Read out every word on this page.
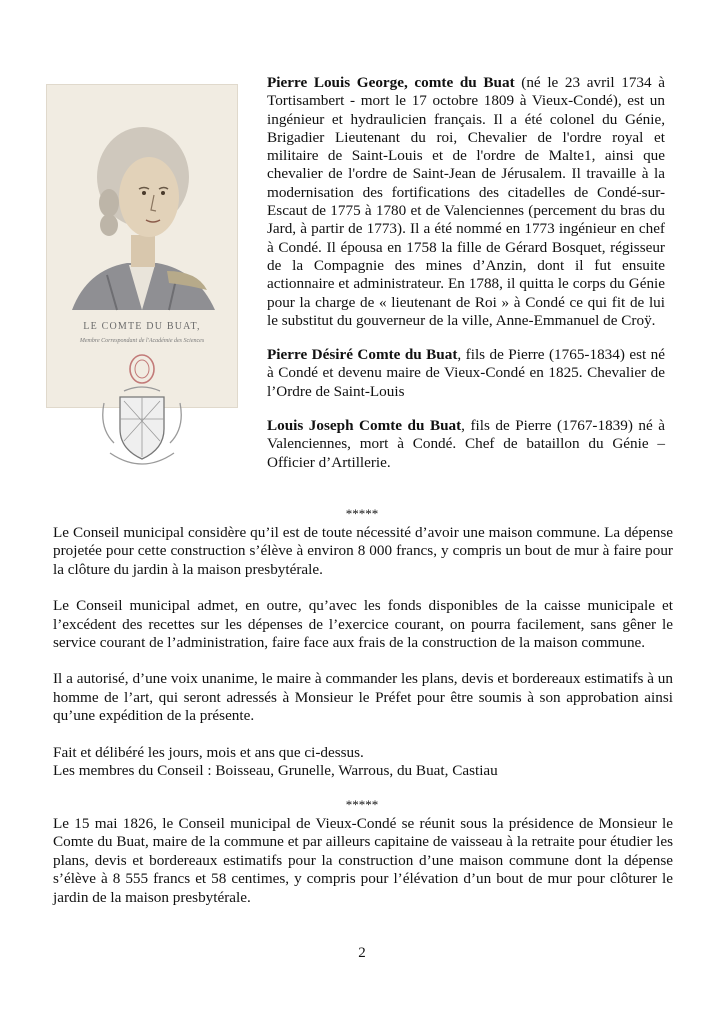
LE COMTE DU BUAT,
Membre Correspondant de l'Académie des Sciences

Pierre Louis George, comte du Buat (né le 23 avril 1734 à Tortisambert - mort le 17 octobre 1809 à Vieux-Condé), est un ingénieur et hydraulicien français. Il a été colonel du Génie, Brigadier Lieutenant du roi, Chevalier de l'ordre royal et militaire de Saint-Louis et de l'ordre de Malte1, ainsi que chevalier de l'ordre de Saint-Jean de Jérusalem. Il travaille à la modernisation des fortifications des citadelles de Condé-sur-Escaut de 1775 à 1780 et de Valenciennes (percement du bras du Jard, à partir de 1773). Il a été nommé en 1773 ingénieur en chef à Condé. Il épousa en 1758 la fille de Gérard Bosquet, régisseur de la Compagnie des mines d’Anzin, dont il fut ensuite actionnaire et administrateur. En 1788, il quitta le corps du Génie pour la charge de « lieutenant de Roi » à Condé ce qui fit de lui le substitut du gouverneur de la ville, Anne-Emmanuel de Croÿ.

Pierre Désiré Comte du Buat, fils de Pierre (1765-1834) est né à Condé et devenu maire de Vieux-Condé en 1825. Chevalier de l’Ordre de Saint-Louis

Louis Joseph Comte du Buat, fils de Pierre (1767-1839) né à Valenciennes, mort à Condé. Chef de bataillon du Génie – Officier d’Artillerie.

*****

Le Conseil municipal considère qu’il est de toute nécessité d’avoir une maison commune. La dépense projetée pour cette construction s’élève à environ 8 000 francs, y compris un bout de mur à faire pour la clôture du jardin à la maison presbytérale.

Le Conseil municipal admet, en outre, qu’avec les fonds disponibles de la caisse municipale et l’excédent des recettes sur les dépenses de l’exercice courant, on pourra facilement, sans gêner le service courant de l’administration, faire face aux frais de la construction de la maison commune.

Il a autorisé, d’une voix unanime, le maire à commander les plans, devis et bordereaux estimatifs à un homme de l’art, qui seront adressés à Monsieur le Préfet pour être soumis à son approbation ainsi qu’une expédition de la présente.

Fait et délibéré les jours, mois et ans que ci-dessus.
Les membres du Conseil : Boisseau, Grunelle, Warrous, du Buat, Castiau

*****

Le 15 mai 1826, le Conseil municipal de Vieux-Condé se réunit sous la présidence de Monsieur le Comte du Buat, maire de la commune et par ailleurs capitaine de vaisseau à la retraite pour étudier les plans, devis et bordereaux estimatifs pour la construction d’une maison commune dont la dépense s’élève à 8 555 francs et 58 centimes, y compris pour l’élévation d’un bout de mur pour clôturer le jardin de la maison presbytérale.

2
